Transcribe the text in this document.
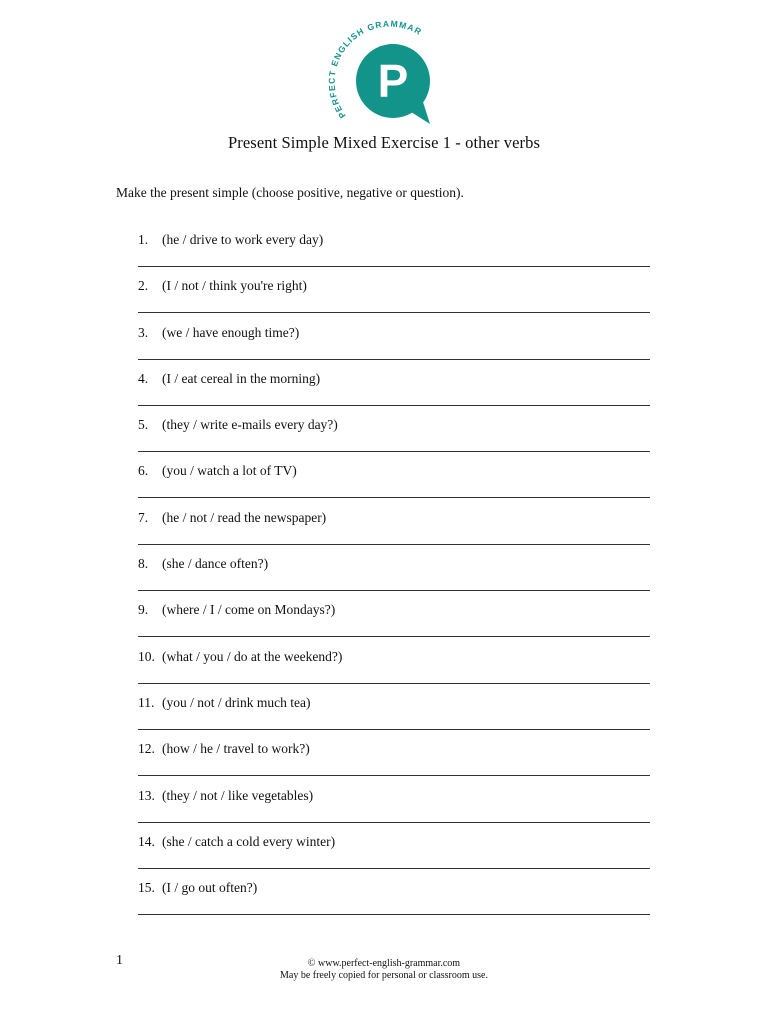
PERFECT ENGLISH GRAMMAR
P
Present Simple Mixed Exercise 1 - other verbs
Make the present simple (choose positive, negative or question).
1. (he / drive to work every day)
2. (I / not / think you're right)
3. (we / have enough time?)
4. (I / eat cereal in the morning)
5. (they / write e-mails every day?)
6. (you / watch a lot of TV)
7. (he / not / read the newspaper)
8. (she / dance often?)
9. (where / I / come on Mondays?)
10. (what / you / do at the weekend?)
11. (you / not / drink much tea)
12. (how / he / travel to work?)
13. (they / not / like vegetables)
14. (she / catch a cold every winter)
15. (I / go out often?)
1	© www.perfect-english-grammar.com
May be freely copied for personal or classroom use.
